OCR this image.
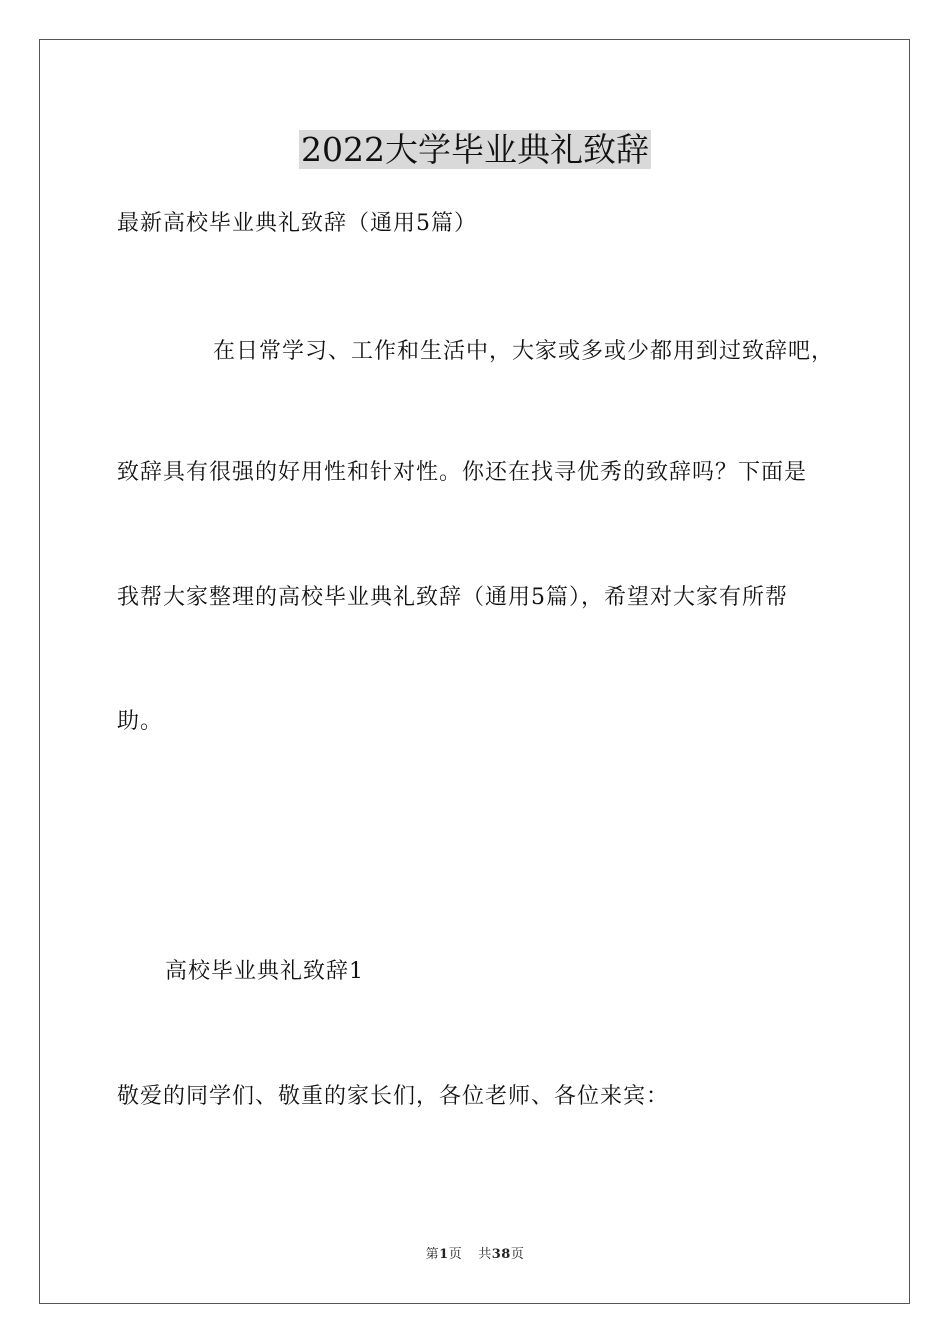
2022大学毕业典礼致辞

最新高校毕业典礼致辞（通用5篇）

在日常学习、工作和生活中，大家或多或少都用到过致辞吧，

致辞具有很强的好用性和针对性。你还在找寻优秀的致辞吗？下面是

我帮大家整理的高校毕业典礼致辞（通用5篇），希望对大家有所帮

助。

高校毕业典礼致辞1

敬爱的同学们、敬重的家长们，各位老师、各位来宾：

第1页 共38页
